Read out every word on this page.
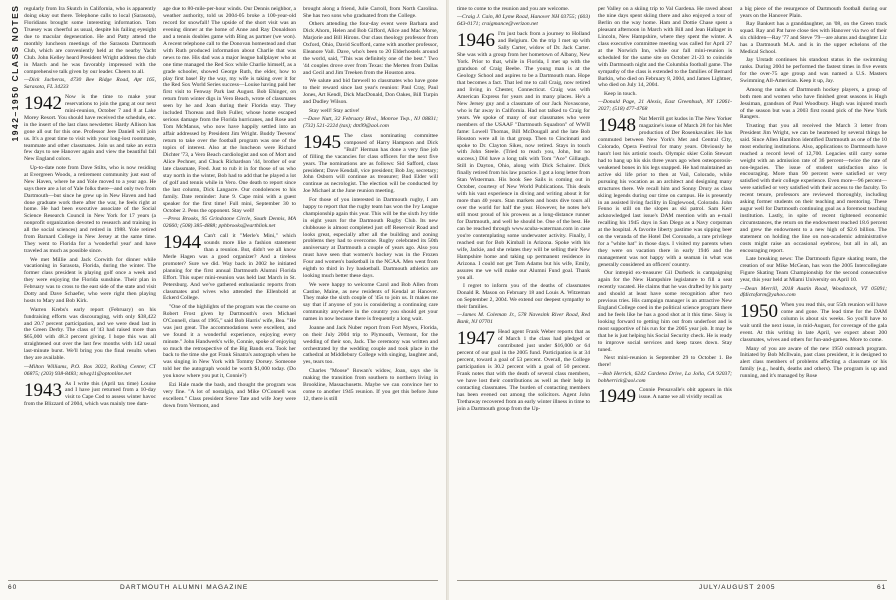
1942–1950 CLASS NOTES regularly from Ira Skutch in California, who is apparently doing okay out there. Telephone calls to local (Sarasota), Floridians brought some interesting information. Tom Truesey was cheerful as usual, despite his failing eyesight due to macular degeneration. He and Patty attend the monthly luncheon meetings of the Sarasota Dartmouth Club, which are conveniently held at the nearby Yacht Club. John Kelley heard President Wright address the club in March and he was favorably impressed with the comprehensive talk given by our leader. Cheers to all.

—Dick Jacheras, 4730 Bee Ridge Road, Apt 165, Sarasota, FL 34233

1942 Now is the time to make your reservations to join the gang at our next mini-reunion, October 7 and 8 at Lake Morey Resort. You should have received the schedule, etc. in the insert of the last class newsletter. Hardy Allison has gone all out for this one. Professor Jere Daniell will join us. It's a great time to visit with your long-lost roommate, teammate and other classmates. Join us and take an extra few days to see Hanover again and view the beautiful fall New England colors.

Up-to-date note from Dave Stilts, who is now residing at Evergreen Woods, a retirement community just east of New Haven, where he and Yole moved to a year ago. He says there are a lot of Yale folks there—and only two from Dartmouth—but since he grew up in New Haven and had done graduate work there after the war, he feels right at home. He had been executive associate of the Social Science Research Council in New York for 17 years (a nonprofit organization devoted to research and training in all the social sciences) and retired in 1988. Yole retired from Barnard College in New Jersey at the same time. They went to Florida for a 'wonderful year' and have traveled as much as possible since.

We met Millie and Jack Corwith for dinner while vacationing in Sarasota, Florida, during the winter. The former class president is playing golf once a week and they were enjoying the Florida sunshine. Their plan in February was to cross to the east side of the state and visit Dotty and Dave Schaefer, who were right then playing hosts to Mary and Bob Kirk.

Warren Krebs's early report (February) on his fundraising efforts was discouraging, with only $38,422 and 20.7 percent participation, and we were dead last in the Green Derby. The class of '43 had raised more than $65,000 with 48.3 percent giving. I hope this was all straightened out over the last few months with 142 usual last-minute burst. We'll bring you the final results when they are available.

—Milton Williams, P.O. Box 3022, Rolling Center, CT 06875; (203) 938-8483; mlwg11@optonline.net

1943 As I write this (April tax time) Louise and I have just returned from a 10-day visit to Cape Cod to assess winter havoc from the Blizzard of 2004, which was mainly tree dam-

age due to 80-mile-per-hour winds. Our Dennis neighbor, a weather authority, told us 2004-05 broke a 100-year-old record for snowfall! The upside of the short visit was an evening dinner at the home of Anne and Ray Donaldson and a tennis doubles game with Bing as partner (we won). A recent telephone call to the Donovan homestead and chat with Ruth produced information about Charlie that was news to me. His dad was a major league ballplayer who at one time managed the Red Sox while Charlie himself, as a grade schooler, showed George Ruth, the elder, how to play first base! By the way, my wife is taking over it for the Red Sox World Series success—Louise having paid her first visit to Fenway Park last August. Bob Ehinger, on return from winter digs in Vero Beach, wrote of classmates seen by he and Joan during their Florida stay. They included Thoreau and Bob Fuller, whose home escaped serious damage from the Florida hurricanes, and Rose and Tom McManus, who now have happily settled into an affair addressed by President Jim Wright. Buddy Teevens' return to take over the football program was one of the topics of interest. Also at the luncheon were Richard Dichter '73, a Vero Beach cardiologist and son of Mort and Alice Pechner, and Chuck Richardson '44, brother of our late classmate, Fred. Just to rub it in for those of us who stay north in the winter, Bob had to add that he played a lot of golf and tennis while in Vero. One death to report since the last column, Dick Langacre. Our condolences to his family. Date reminder: June 9. Cape mini with a guest speaker for the first time! Full mini, September 30 to October 2. Pens the opponent. Stay well!

—Press Brooks, 95 Grindstone Circle, South Dennis, MA 02660; (508) 385-4888; pphbrooks@earthlink.net

1944 Can't call it "Merle's Mini," which sounds more like a fashion statement than a reunion. But, didn't we all know Merle Hagen was a good organizer? And a tireless promoter? Sure we did. Way back in 2002 he initiated planning for the first annual Dartmouth Alumni Florida Effort. This super mini-reunion was held last March in St. Petersburg. And we've gathered enthusiastic reports from classmates and wives who attended the Ellenbold at Eckerd College.

"One of the highlights of the program was the course on Robert Frost given by Dartmouth's own Michael O'Connell, class of 1965," said Bob Harris' wife, Bea. "He was just great. The accommodations were excellent, and we found it a wonderful experience, enjoying every minute." John Handwerk's wife, Connie, spoke of enjoying so much the retrospective of the Big Bands era. Took her back to the time she got Frank Sinatra's autograph when he was singing in New York with Tommy Dorsey. Someone told her the autograph would be worth $1,000 today. (Do you know where you put it, Connie?)

Ezi Hale made the bash, and thought the program was very fine. "A lot of nostalgia, and Mike O'Connell was excellent." Class president Steve Tate and wife Joey were down from Vermont, and

brought along a friend, Julie Carroll, from North Carolina. She has two sons who graduated from the College.

Others attending the four-day event were Barbara and Dick Ahorn, Helen and Bob Gifford, Alice and Mac Morse, Marjorie and Bill Hirons. Our class theology professor from Oxford, Ohio, David Scofford, came with another professor, Eleanore Vall. Dave, who's been to 20 Elderhostels around the world, said, "This was definitely one of the best." Two '44 couples drove over from Texas: the Merten from Dallas and Cecil and Jim Treeken from the Houston area.

We salute and bid farewell to classmates who have gone to their reward since last year's reunion: Paul Cray, Paul Jones, Art Kendl, Dick MacDonald, Don Oakes, Bill Turpin and Dudley Wilson.

Stay well! Stay active!

—Dave Nutt, 32 February Blvd., Monroe Twp., NJ 08831; (732) 521-2224 (tax); dtn99@aol.com

1945 The class nominating committee composed of Harry Hampson and Dick "Bull" Herman has done a very fine job of filling the vacancies for class officers for the next five years. The nominations are as follows: Sid Safford, class president; Dave Kendall, vice president; Bob Jay, secretary; John Osborn will continue as treasurer; Bud Elder will continue as necrologist. The election will be conducted by Joe Michael at the June reunion meeting.

For those of you interested in Dartmouth rugby, I am happy to report that the rugby team has won the Ivy League championship again this year. This will be the sixth Ivy title in eight years for the Dartmouth Rugby Club. Its new clubhouse is almost completed just off Reservoir Road and looks great, especially after all the building and zoning problems they had to overcome. Rugby celebrated its 50th anniversary at Dartmouth a couple of years ago. Also you must have seen that women's hockey was in the Frozen Four and women's basketball in the NCAA. Men went from eighth to third in Ivy basketball. Dartmouth athletics are looking much better these days.

We were happy to welcome Carol and Bob Allen from Castine, Maine, as new residents of Kendal at Hanover. They make the sixth couple of '45s to join us. It makes me say that if anyone of you is considering a continuing care community anywhere in the country you should get your names in now because there is frequently a long wait.

Joanne and Jack Nuber report from Fort Myers, Florida, on their July 2004 trip to Plymouth, Vermont, for the wedding of their son, Jack. The ceremony was written and orchestrated by the wedding couple and took place in the cathedral at Middlebury College with singing, laughter and, yes, tears too.

Charles "Moose" Rowan's widow, Joan, says she is making the transition from southern to northern living in Brookline, Massachusetts. Maybe we can convince her to come to another 1945 reunion. If you get this before June 12, there is still

60	DARTMOUTH ALUMNI MAGAZINE

time to come to the reunion and you are welcome.

—Craig J. Cain, 80 Lyme Road, Hanover NH 03755; (603) 643-0171; craigmance@verizon.net

1946 I'm just back from a journey to Holland and Belgium. On the trip I met up with Sally Carter, widow of Dr. Jack Carter. She was with a group from her hometown of Albany, New York. Prior to that, while in Florida, I met up with the grandson of Craig Beebe. The young man is at the Geology School and aspires to be a Dartmouth man. Hope that becomes a fact. That led me to call Craig, now retired and living in Chester, Connecticut. Craig was with American Express for years and in many places. He's a New Jersey guy and a classmate of our Jack Novascone, who is far away in California. Had not talked to Craig for years. We spoke of many of our classmates who were members of the USAAF "Dartmouth Squadron" of WWII fame: Lowell Thomas, Bill McDougall and the late Bob Houston were all in that group. Then to Cincinnati and spoke to Dr. Clayton Sikes, now retired. Stays in touch with John Steele. (Tried to reach you, John, but no success.) Did have a long talk with Tom "Ace" Gillaugh. Still in Dayton, Ohio, along with Dick Schairer. Dick finally retired from his law practice. I got a long letter from Stan Wisterman. His book See Sails is coming out in October, courtesy of New World Publications. This deals with his vast experience in diving and writing about it for more than 40 years. Stan markets and hosts dive tours all over the world for half the year. However, he notes he's still most proud of his prowess as a long-distance runner for Dartmouth, and well he should be. One of the best. He can be reached through www.scuba-waterman.com in case you're contemplating some underwater activity. Finally, I reached out for Bob Kimball in Arizona. Spoke with his wife, Jackie, and she relates they will be selling their New Hampshire home and taking up permanent residence in Arizona. I could not get Tom Adams but his wife, Emily, assures me we will make our Alumni Fund goal. Thank you all.

I regret to inform you of the deaths of classmates Donald R. Mason on February 18 and Louis A. Witzeman on September 2, 2004. We extend our deepest sympathy to their families.

—James M. Coleman Jr., 578 Navesink River Road, Red Bank, NJ 07701

1947 Head agent Frank Weber reports that as of March 1 the class had pledged or contributed just under $16,000 or 64 percent of our goal in the 2005 fund. Participation is at 34 percent, toward a goal of 53 percent. Overall, the College participation is 30.2 percent with a goal of 50 percent. Frank notes that with the death of several class members, we have lost their contributions as well as their help in contacting classmates. The burden of contacting members has been evened out among the solicitors. Agent John Trethaway recovered from an early winter illness in time to join a Dartmouth group from the Up-

per Valley on a skiing trip to Val Gardena. He raved about the nine days spent skiing there and also enjoyed a tour of Berlin on the way home. Ham and Dottie Chase spent a pleasant afternoon in March with Bill and Jean Hallager in Lincoln, New Hampshire, where they spent the winter. A class executive committee meeting was called for April 27 at the Norwich Inn, while our fall mini-reunion is scheduled for the same site on October 21-23 to coincide with Dartmouth night and the Columbia football game. The sympathy of the class is extended to the families of Bernard Barkin, who died on February 8, 2004, and James Lightner, who died on July 14, 2004.

Keep in touch.

—Donald Page, 21 Alexis, East Greenbush, NY 12061-2027; (518) 477-4768

1948 Nat Merrill got kudos in The New Yorker magazine's issue of March 28 for his Met production of Der Rosenkavalier. He has commuted between New York's Met and Central City, Colorado, Opera Festival for many years. Obviously he hasn't lost his artistic touch. Olympic skier Colin Stewart had to hang up his skis three years ago when osteoporosis-weakened bones in his legs snapped. He had maintained an active ski life prior to then at Vail, Colorado, while pursuing his vocation as an architect and designing many structures there. We recall him and Sonny Drury as class skiing legends during our time on campus. He is presently in an assisted living facility in Englewood, Colorado. John Fenno is still on the slopes as ski patrol. Sam Kerr acknowledged last issue's DAM mention with an e-mail recalling his 1945 days in San Diego as a Navy corpsman at the hospital. A favorite liberty pastime was sipping beer on the veranda of the Hotel Del Coronado, a rare privilege for a "white hat" in those days. I visited my parents when they were on vacation there in early 1946 and the management was not happy with a seaman in what was generally considered an officers' country.

Our intrepid ex-treasurer Gil Durbeck is campaigning again for the New Hampshire legislature to fill a seat recently vacated. He claims that he was drafted by his party and should at least have some recognition after two previous tries. His campaign manager is an attractive New England College coed in the political science program there and he feels like he has a good shot at it this time. Sissy is looking forward to getting him out from underfoot and is most supportive of his run for the 2005 year job. It may be that he is just helping his Social Security check. He is ready to improve social services and keep taxes down. Stay tuned.

Next mini-reunion is September 29 to October 1. Be there!

—Bob Herrick, 6242 Cardeno Drive, La Jolla, CA 92037; bobherrick@aol.com

1949 Connie Pensavalle's obit appears in this issue. A name we all vividly recall as

a big piece of the resurgence of Dartmouth football during our years on the Hanover Plain.

Ray Bankert has a granddaughter, an '08, on the Green track squad. Ray and Pat have close ties with Hanover via two of their six children—Ray '77 and Steve '79—are alums and daughter Liz has a Dartmouth M.A. and is in the upper echelons of the Medical School.

Jay Urstadt continues his standout status in the swimming ranks. During 2004 he performed the fastest times in five events for the over-75 age group and was named a U.S. Masters Swimming All-American. Keep it up, Jay.

Among the ranks of Dartmouth hockey players, a group of both men and women who have finished great seasons is Hugh Jessiman, grandson of Paul Woodbury. Hugh was injured much of the season but was a 2003 first round pick of the New York Rangers.

Trusting that you all received the March 3 letter from President Jim Wright, we can be heartened by several things he said. Since Allen Hamilton identified Dartmouth as one of the 10 most enduring institutions. Also, applications to Dartmouth have reached a record level of 12,700. Legacies still carry some weight with an admission rate of 36 percent—twice the rate of non-legacies. The issue of student satisfaction also is encouraging. More than 90 percent were satisfied or very satisfied with their college experience. Even more—96 percent—were satisfied or very satisfied with their access to the faculty. To recent tenure, professors are reviewed thoroughly, including asking former students on their teaching and mentoring. These augur well for Dartmouth continuing goal as a foremost teaching institution. Lastly, in spite of recent tightened economic circumstances, the return on the endowment reached 18.6 percent and grew the endowment to a new high of $2.6 billion. The statement on holding the line on non-academic administrative costs might raise an occasional eyebrow, but all in all, an encouraging report.

Late breaking news: The Dartmouth figure skating team, the creation of our Mike McGean, has won the 2005 Intercollegiate Figure Skating Team Championship for the second consecutive year, this year held at Miami University on April 10.

—Dean Merrill, 2018 Austin Road, Woodstock, VT 05091; dfdictofarm@yahoo.com

1950 When you read this, our 55th reunion will have come and gone. The lead time for the DAM column is about six weeks. So you'll have to wait until the next issue, in mid-August, for coverage of the gala event. At this writing in late April, we expect about 200 classmates, wives and others for fun-and-games. More to come.

Many of you are aware of the new 1950 outreach program. Initiated by Bob McIlwain, past class president, it is designed to alert class members of problems affecting a classmate or his family (e.g., health, deaths and others). The program is up and running, and it's managed by Rose

JULY/AUGUST 2005	61
